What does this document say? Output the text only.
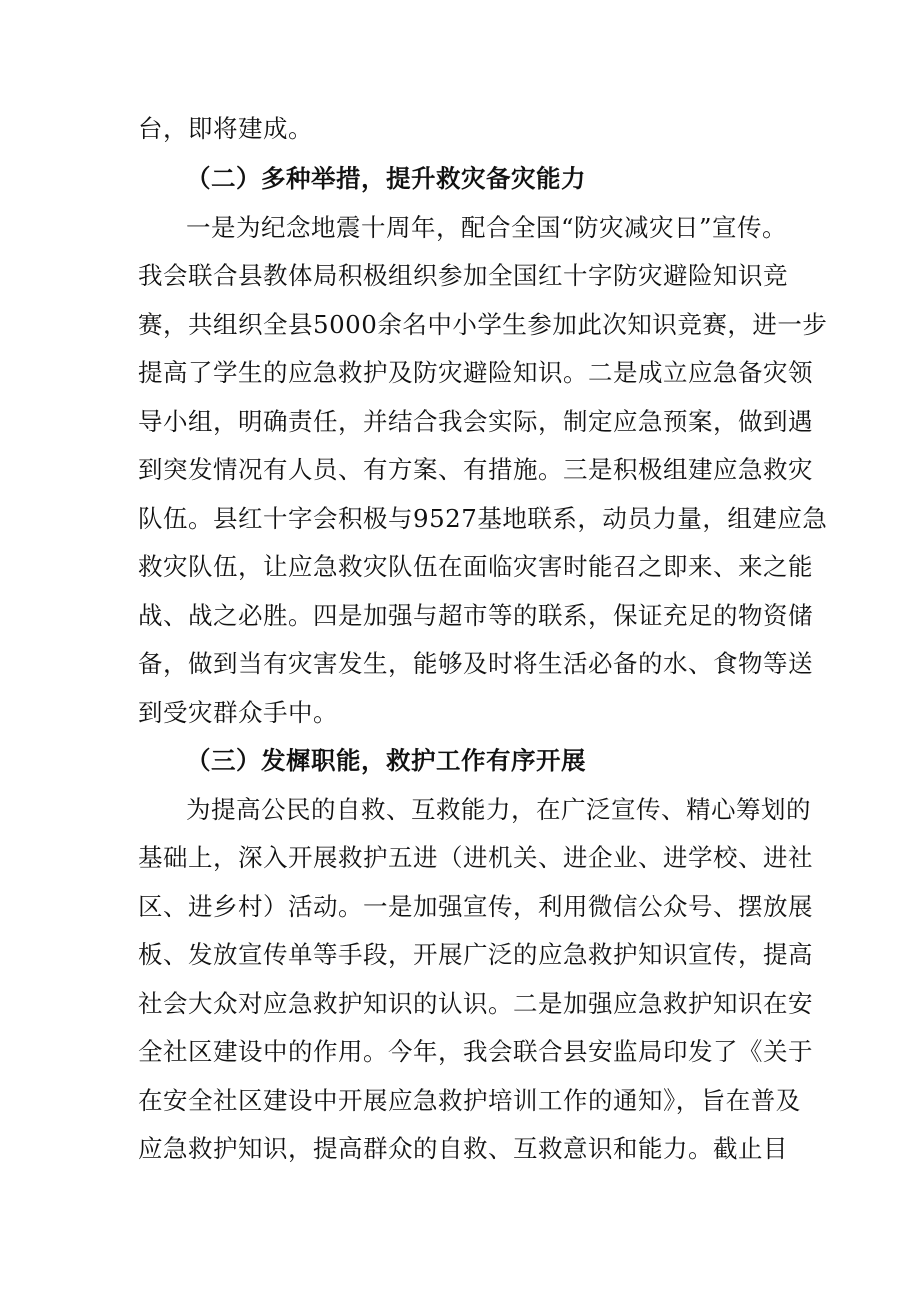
台，即将建成。
（二）多种举措，提升救灾备灾能力
一是为纪念地震十周年，配合全国“防灾减灾日”宣传。
我会联合县教体局积极组织参加全国红十字防灾避险知识竞
赛，共组织全县5000余名中小学生参加此次知识竞赛，进一步
提高了学生的应急救护及防灾避险知识。二是成立应急备灾领
导小组，明确责任，并结合我会实际，制定应急预案，做到遇
到突发情况有人员、有方案、有措施。三是积极组建应急救灾
队伍。县红十字会积极与9527基地联系，动员力量，组建应急
救灾队伍，让应急救灾队伍在面临灾害时能召之即来、来之能
战、战之必胜。四是加强与超市等的联系，保证充足的物资储
备，做到当有灾害发生，能够及时将生活必备的水、食物等送
到受灾群众手中。
（三）发樨职能，救护工作有序开展
为提高公民的自救、互救能力，在广泛宣传、精心筹划的
基础上，深入开展救护五进（进机关、进企业、进学校、进社
区、进乡村）活动。一是加强宣传，利用微信公众号、摆放展
板、发放宣传单等手段，开展广泛的应急救护知识宣传，提高
社会大众对应急救护知识的认识。二是加强应急救护知识在安
全社区建设中的作用。今年，我会联合县安监局印发了《关于
在安全社区建设中开展应急救护培训工作的通知》，旨在普及
应急救护知识，提高群众的自救、互救意识和能力。截止目
